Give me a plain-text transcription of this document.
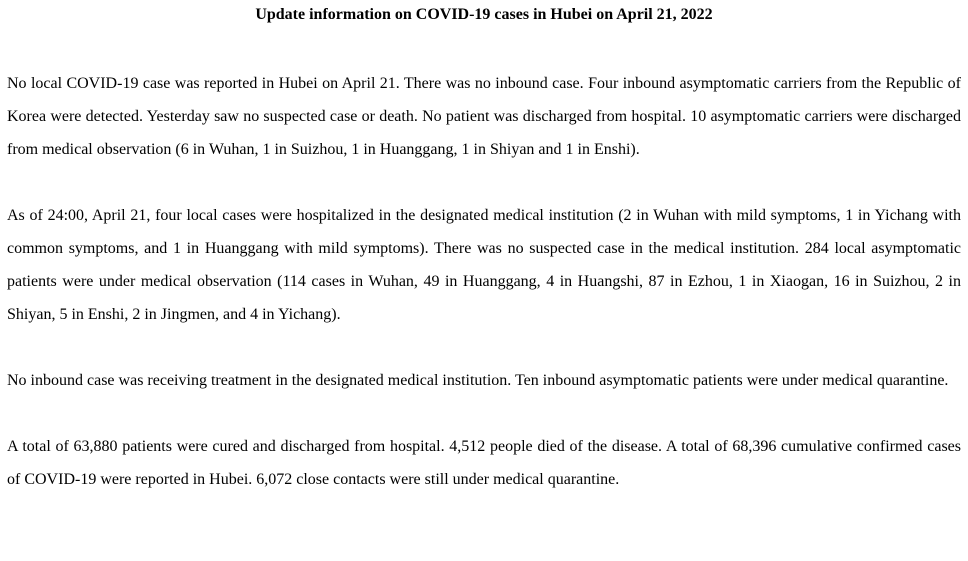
Update information on COVID-19 cases in Hubei on April 21, 2022

No local COVID-19 case was reported in Hubei on April 21. There was no inbound case. Four inbound asymptomatic carriers from the Republic of Korea were detected. Yesterday saw no suspected case or death. No patient was discharged from hospital. 10 asymptomatic carriers were discharged from medical observation (6 in Wuhan, 1 in Suizhou, 1 in Huanggang, 1 in Shiyan and 1 in Enshi).

As of 24:00, April 21, four local cases were hospitalized in the designated medical institution (2 in Wuhan with mild symptoms, 1 in Yichang with common symptoms, and 1 in Huanggang with mild symptoms). There was no suspected case in the medical institution. 284 local asymptomatic patients were under medical observation (114 cases in Wuhan, 49 in Huanggang, 4 in Huangshi, 87 in Ezhou, 1 in Xiaogan, 16 in Suizhou, 2 in Shiyan, 5 in Enshi, 2 in Jingmen, and 4 in Yichang).

No inbound case was receiving treatment in the designated medical institution. Ten inbound asymptomatic patients were under medical quarantine.

A total of 63,880 patients were cured and discharged from hospital. 4,512 people died of the disease. A total of 68,396 cumulative confirmed cases of COVID-19 were reported in Hubei. 6,072 close contacts were still under medical quarantine.
